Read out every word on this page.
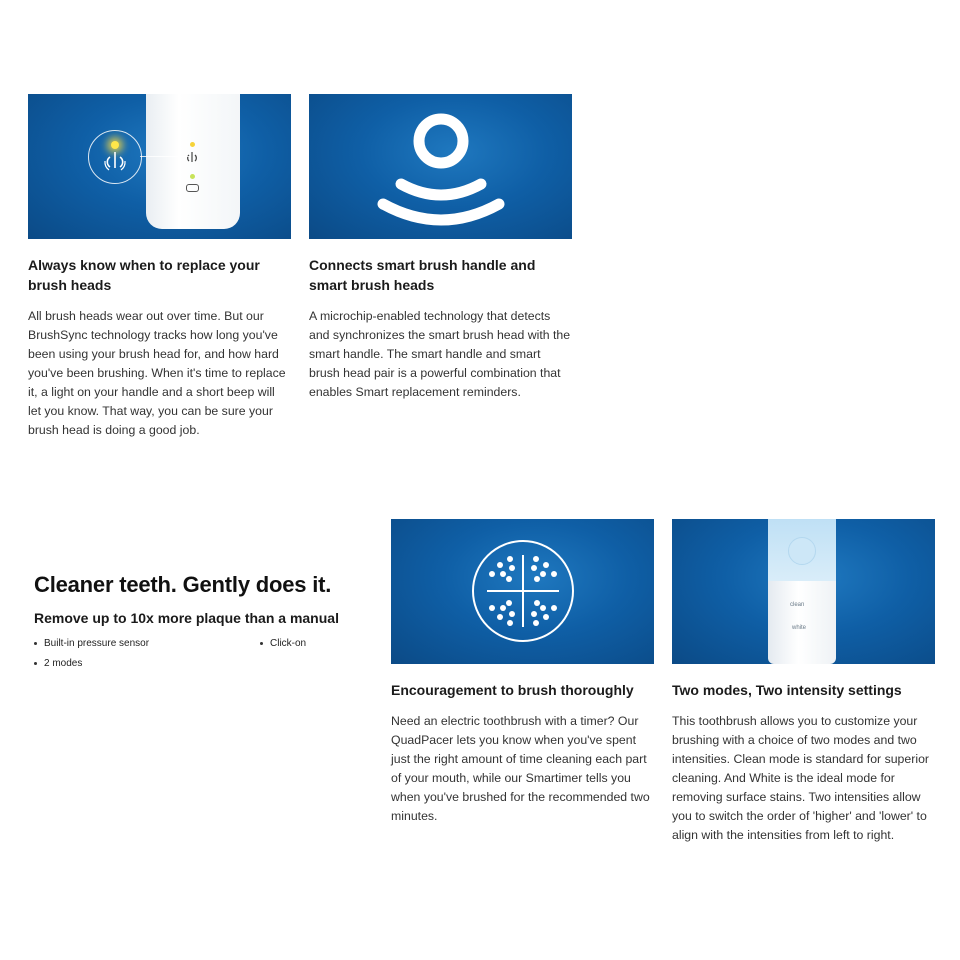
Always know when to replace your brush heads

All brush heads wear out over time. But our BrushSync technology tracks how long you've been using your brush head for, and how hard you've been brushing. When it's time to replace it, a light on your handle and a short beep will let you know. That way, you can be sure your brush head is doing a good job.

Connects smart brush handle and smart brush heads

A microchip-enabled technology that detects and synchronizes the smart brush head with the smart handle. The smart handle and smart brush head pair is a powerful combination that enables Smart replacement reminders.

Cleaner teeth. Gently does it.

Remove up to 10x more plaque than a manual

Built-in pressure sensor	Click-on
2 modes
Encouragement to brush thoroughly

Need an electric toothbrush with a timer? Our QuadPacer lets you know when you've spent just the right amount of time cleaning each part of your mouth, while our Smartimer tells you when you've brushed for the recommended two minutes.

clean
white
Two modes, Two intensity settings

This toothbrush allows you to customize your brushing with a choice of two modes and two intensities. Clean mode is standard for superior cleaning. And White is the ideal mode for removing surface stains. Two intensities allow you to switch the order of 'higher' and 'lower' to align with the intensities from left to right.
